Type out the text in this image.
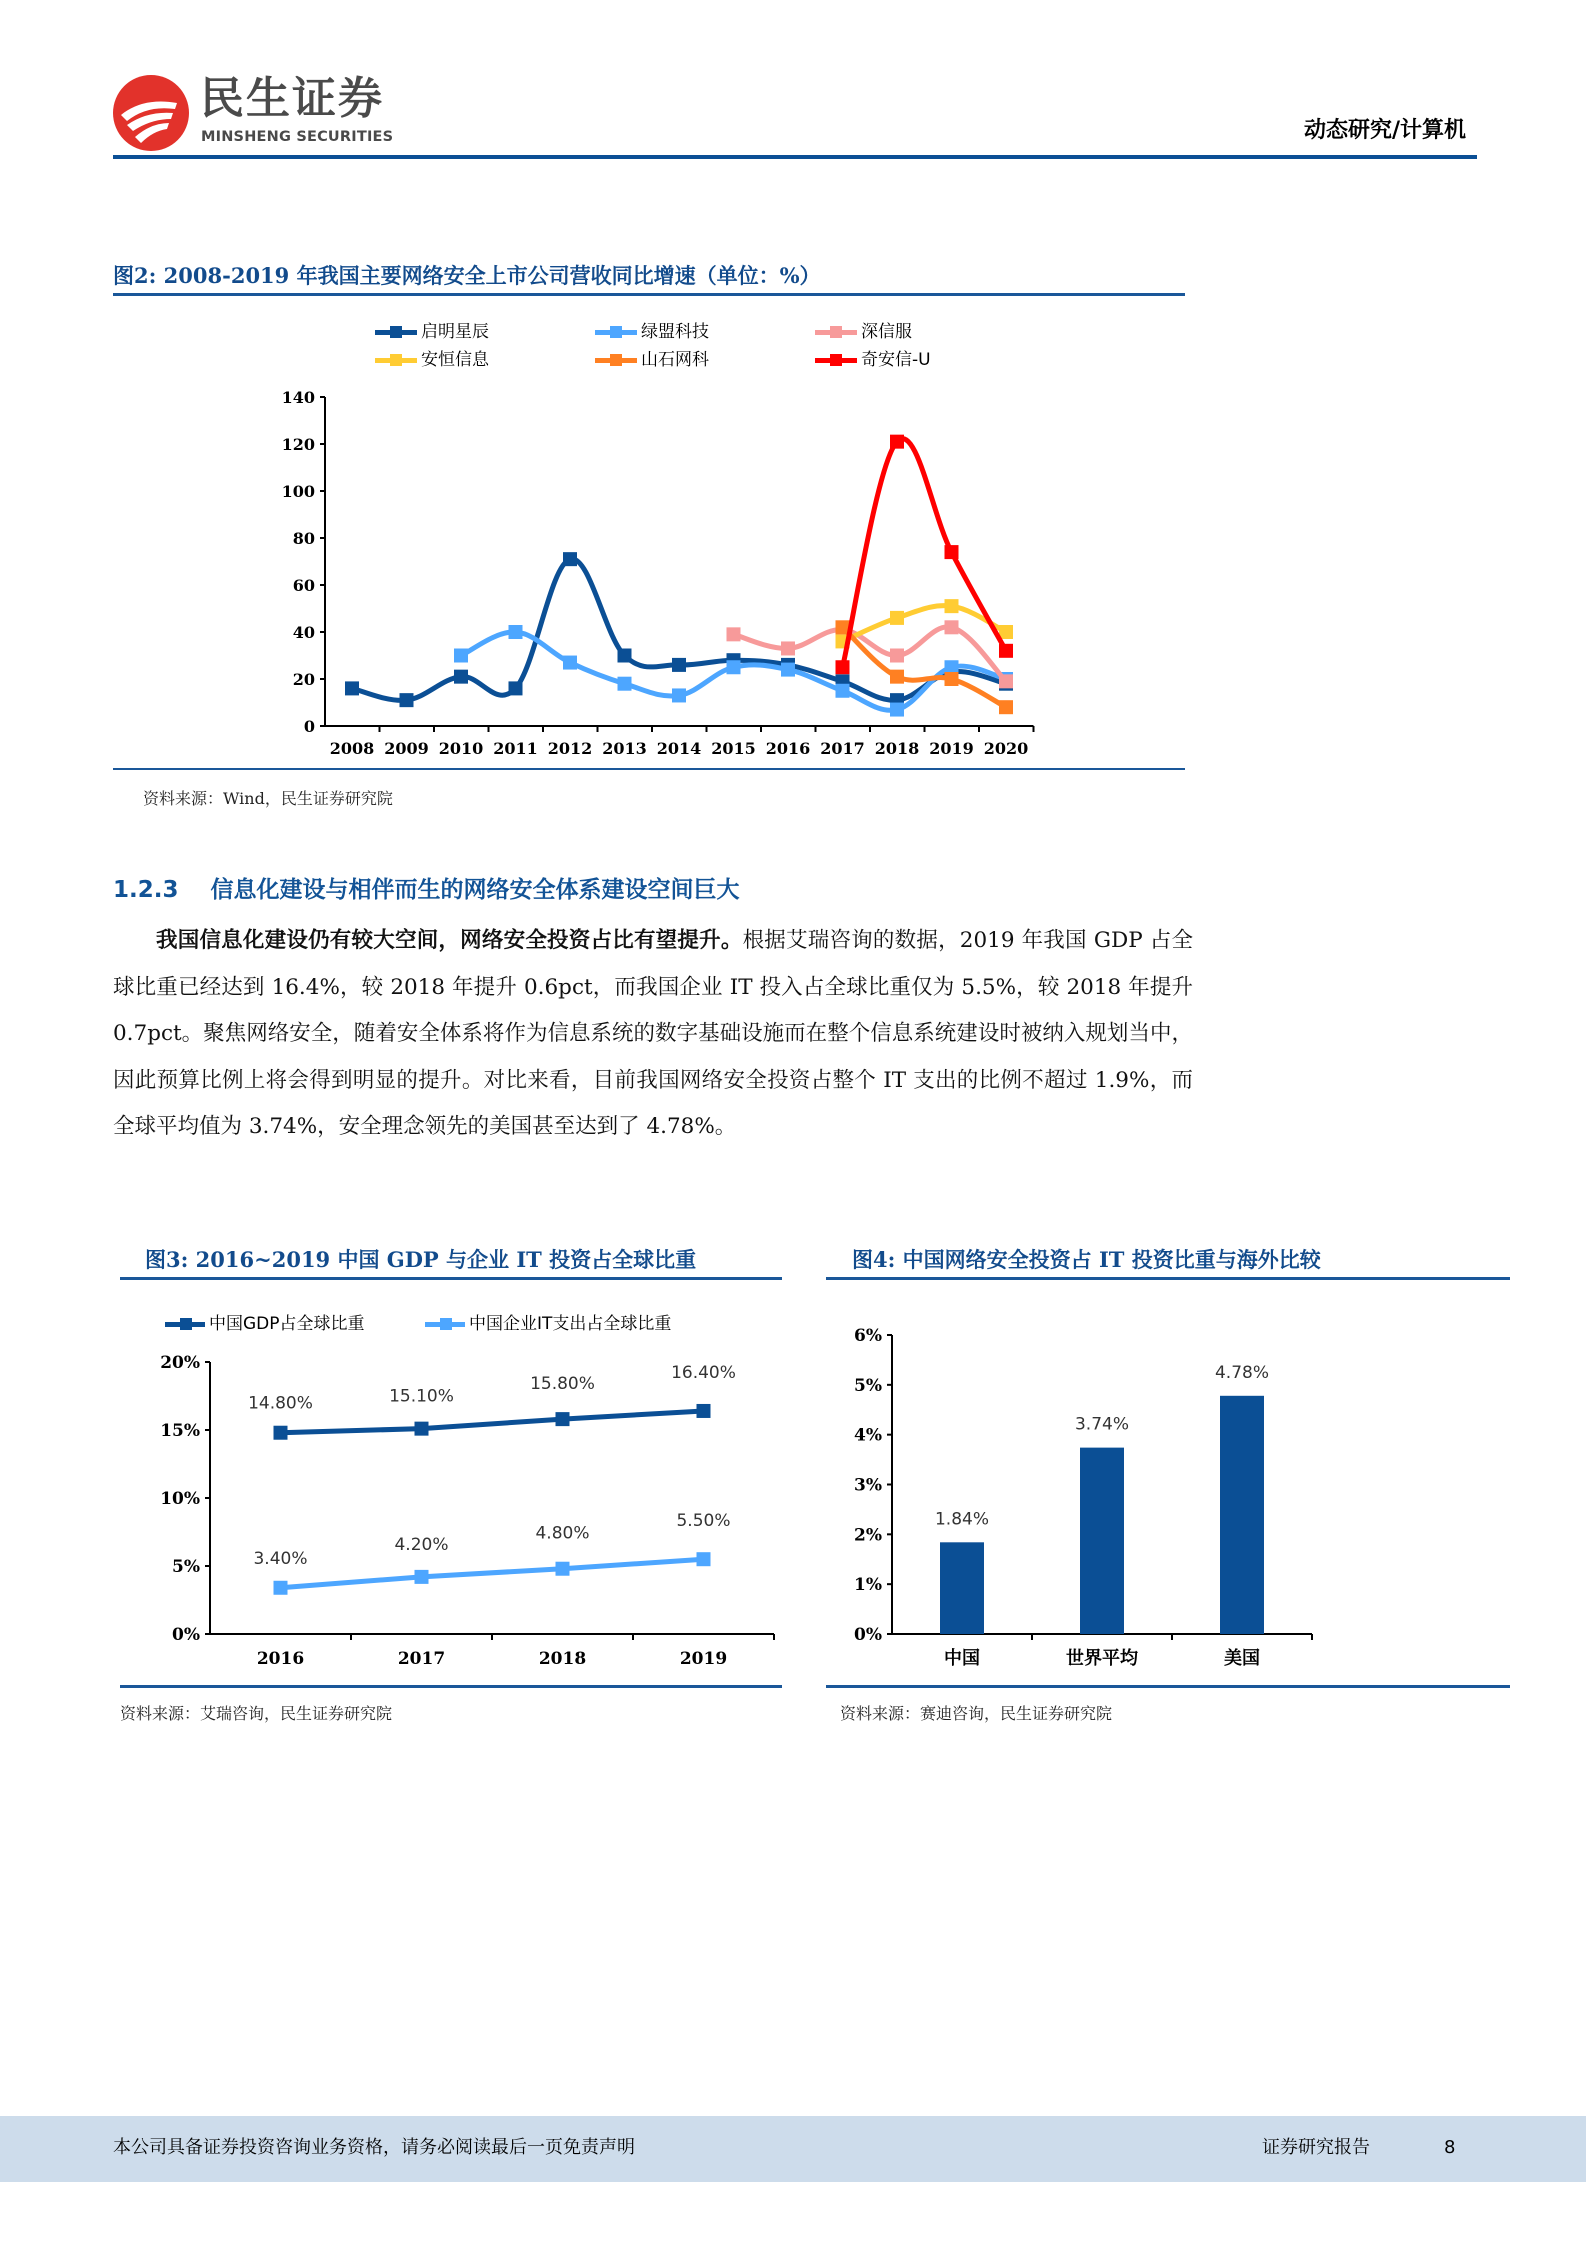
民生证券
MINSHENG SECURITIES	动态研究/计算机
图2: 2008-2019 年我国主要网络安全上市公司营收同比增速（单位：%）
启明星辰	绿盟科技	深信服
安恒信息	山石网科	奇安信-U
0
20
40
60
80
100
120
140
2008 2009 2010 2011 2012 2013 2014 2015 2016 2017 2018 2019 2020
资料来源：Wind，民生证券研究院
1.2.3 信息化建设与相伴而生的网络安全体系建设空间巨大
我国信息化建设仍有较大空间，网络安全投资占比有望提升。根据艾瑞咨询的数据，2019 年我国 GDP 占全球比重已经达到 16.4%，较 2018 年提升 0.6pct，而我国企业 IT 投入占全球比重仅为 5.5%，较 2018 年提升 0.7pct。聚焦网络安全，随着安全体系将作为信息系统的数字基础设施而在整个信息系统建设时被纳入规划当中，因此预算比例上将会得到明显的提升。对比来看，目前我国网络安全投资占整个 IT 支出的比例不超过 1.9%，而全球平均值为 3.74%，安全理念领先的美国甚至达到了 4.78%。
图3: 2016~2019 中国 GDP 与企业 IT 投资占全球比重
中国GDP占全球比重	中国企业IT支出占全球比重
0%
5%
10%
15%
20%
2016	2017	2018	2019
14.80%	15.10%
15.80%
16.40%
3.40%
4.20%
4.80%
5.50%
资料来源：艾瑞咨询，民生证券研究院
图4: 中国网络安全投资占 IT 投资比重与海外比较
0%
1%
2%
3%
4%
5%
6%
1.84%
中国
3.74%
世界平均
4.78%
美国
资料来源：赛迪咨询，民生证券研究院
本公司具备证券投资咨询业务资格，请务必阅读最后一页免责声明	证券研究报告	8
